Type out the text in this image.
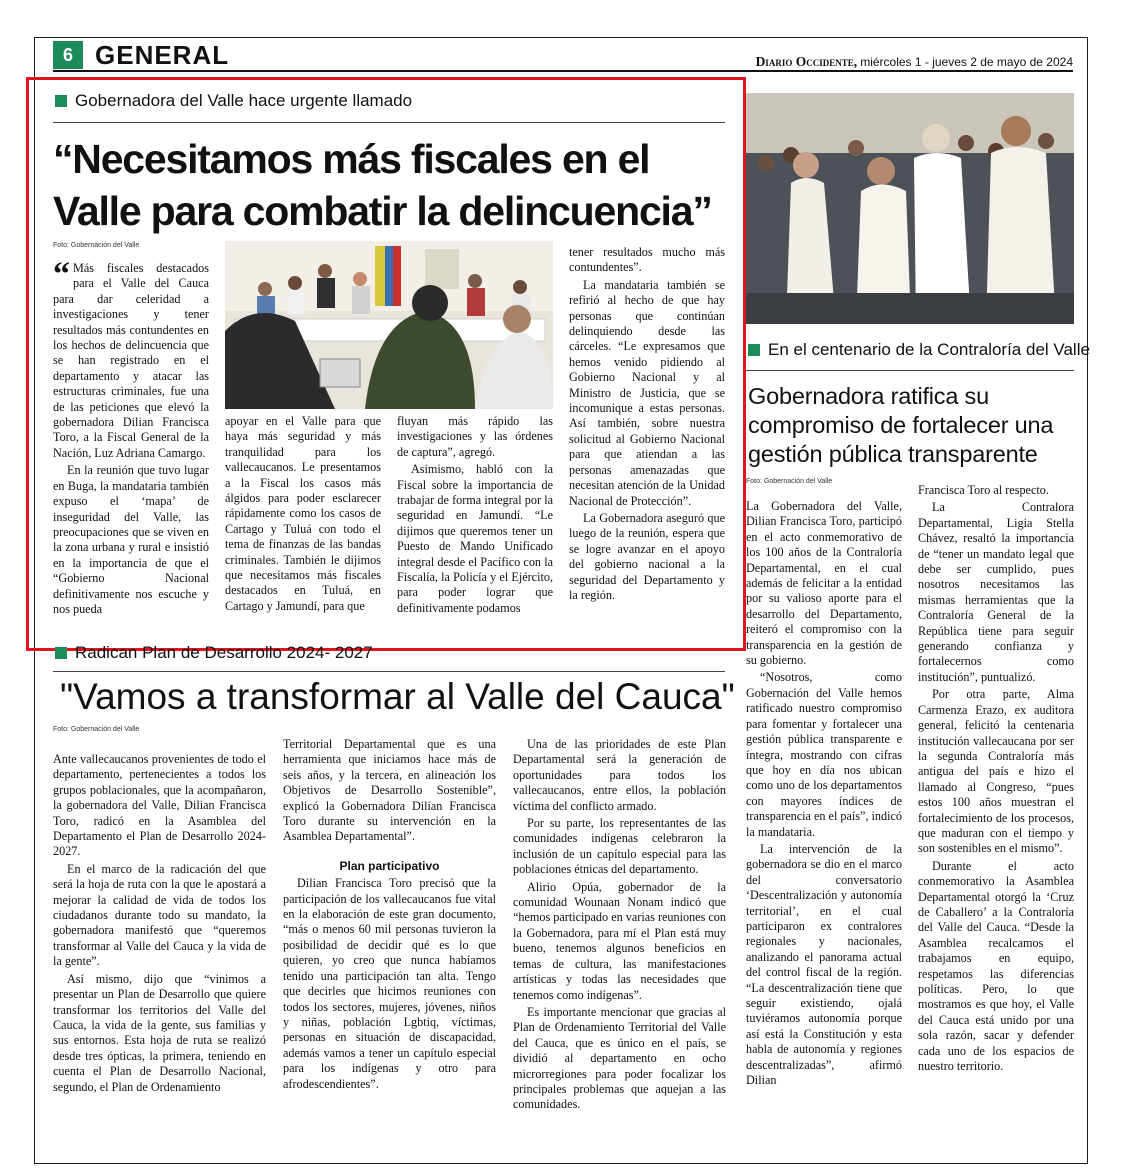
6 GENERAL	Diario Occidente, miércoles 1 - jueves 2 de mayo de 2024
Gobernadora del Valle hace urgente llamado
“Necesitamos más fiscales en el
Valle para combatir la delincuencia”
Foto: Gobernación del Valle

“ Más fiscales destacados para el Valle del Cauca para dar celeridad a investigaciones y tener resultados más contundentes en los hechos de delincuencia que se han registrado en el departamento y atacar las estructuras criminales, fue una de las peticiones que elevó la gobernadora Dilian Francisca Toro, a la Fiscal General de la Nación, Luz Adriana Camargo.

En la reunión que tuvo lugar en Buga, la mandataria también expuso el ‘mapa’ de inseguridad del Valle, las preocupaciones que se viven en la zona urbana y rural e insistió en la importancia de que el “Gobierno Nacional definitivamente nos escuche y nos pueda

apoyar en el Valle para que haya más seguridad y más tranquilidad para los vallecaucanos. Le presentamos a la Fiscal los casos más álgidos para poder esclarecer rápidamente como los casos de Cartago y Tuluá con todo el tema de finanzas de las bandas criminales. También le dijimos que necesitamos más fiscales destacados en Tuluá, en Cartago y Jamundí, para que

fluyan más rápido las investigaciones y las órdenes de captura”, agregó.

Asimismo, habló con la Fiscal sobre la importancia de trabajar de forma integral por la seguridad en Jamundí. “Le dijimos que queremos tener un Puesto de Mando Unificado integral desde el Pacífico con la Fiscalía, la Policía y el Ejército, para poder lograr que definitivamente podamos

tener resultados mucho más contundentes”.

La mandataria también se refirió al hecho de que hay personas que continúan delinquiendo desde las cárceles. “Le expresamos que hemos venido pidiendo al Gobierno Nacional y al Ministro de Justicia, que se incomunique a estas personas. Así también, sobre nuestra solicitud al Gobierno Nacional para que atiendan a las personas amenazadas que necesitan atención de la Unidad Nacional de Protección”.

La Gobernadora aseguró que luego de la reunión, espera que se logre avanzar en el apoyo del gobierno nacional a la seguridad del Departamento y la región.

Radican Plan de Desarrollo 2024- 2027
"Vamos a transformar al Valle del Cauca"
Foto: Gobernación del Valle

Ante vallecaucanos provenientes de todo el departamento, pertenecientes a todos los grupos poblacionales, que la acompañaron, la gobernadora del Valle, Dilian Francisca Toro, radicó en la Asamblea del Departamento el Plan de Desarrollo 2024- 2027.

En el marco de la radicación del que será la hoja de ruta con la que le apostará a mejorar la calidad de vida de todos los ciudadanos durante todo su mandato, la gobernadora manifestó que “queremos transformar al Valle del Cauca y la vida de la gente”.

Así mismo, dijo que “vinimos a presentar un Plan de Desarrollo que quiere transformar los territorios del Valle del Cauca, la vida de la gente, sus familias y sus entornos. Esta hoja de ruta se realizó desde tres ópticas, la primera, teniendo en cuenta el Plan de Desarrollo Nacional, segundo, el Plan de Ordenamiento

Territorial Departamental que es una herramienta que iniciamos hace más de seis años, y la tercera, en alineación los Objetivos de Desarrollo Sostenible”, explicó la Gobernadora Dilian Francisca Toro durante su intervención en la Asamblea Departamental”.

Plan participativo

Dilian Francisca Toro precisó que la participación de los vallecaucanos fue vital en la elaboración de este gran documento, “más o menos 60 mil personas tuvieron la posibilidad de decidir qué es lo que quieren, yo creo que nunca habíamos tenido una participación tan alta. Tengo que decirles que hicimos reuniones con todos los sectores, mujeres, jóvenes, niños y niñas, población Lgbtiq, víctimas, personas en situación de discapacidad, además vamos a tener un capítulo especial para los indígenas y otro para afrodescendientes”.

Una de las prioridades de este Plan Departamental será la generación de oportunidades para todos los vallecaucanos, entre ellos, la población víctima del conflicto armado.

Por su parte, los representantes de las comunidades indígenas celebraron la inclusión de un capítulo especial para las poblaciones étnicas del departamento.

Alirio Opúa, gobernador de la comunidad Wounaan Nonam indicó que “hemos participado en varias reuniones con la Gobernadora, para mí el Plan está muy bueno, tenemos algunos beneficios en temas de cultura, las manifestaciones artísticas y todas las necesidades que tenemos como indígenas”.

Es importante mencionar que gracias al Plan de Ordenamiento Territorial del Valle del Cauca, que es único en el país, se dividió al departamento en ocho microrregiones para poder focalizar los principales problemas que aquejan a las comunidades.

En el centenario de la Contraloría del Valle
Gobernadora ratifica su compromiso de fortalecer una gestión pública transparente
Foto: Gobernación del Valle

La Gobernadora del Valle, Dilian Francisca Toro, participó en el acto conmemorativo de los 100 años de la Contraloría Departamental, en el cual además de felicitar a la entidad por su valioso aporte para el desarrollo del Departamento, reiteró el compromiso con la transparencia en la gestión de su gobierno.

“Nosotros, como Gobernación del Valle hemos ratificado nuestro compromiso para fomentar y fortalecer una gestión pública transparente e íntegra, mostrando con cifras que hoy en día nos ubican como uno de los departamentos con mayores índices de transparencia en el país”, indicó la mandataria.

La intervención de la gobernadora se dio en el marco del conversatorio ‘Descentralización y autonomía territorial’, en el cual participaron ex contralores regionales y nacionales, analizando el panorama actual del control fiscal de la región. “La descentralización tiene que seguir existiendo, ojalá tuviéramos autonomía porque así está la Constitución y esta habla de autonomía y regiones descentralizadas”, afirmó Dilian

Francisca Toro al respecto.

La Contralora Departamental, Ligia Stella Chávez, resaltó la importancia de “tener un mandato legal que debe ser cumplido, pues nosotros necesitamos las mismas herramientas que la Contraloría General de la República tiene para seguir generando confianza y fortalecernos como institución”, puntualizó.

Por otra parte, Alma Carmenza Erazo, ex auditora general, felicitó la centenaria institución vallecaucana por ser la segunda Contraloría más antigua del país e hizo el llamado al Congreso, “pues estos 100 años muestran el fortalecimiento de los procesos, que maduran con el tiempo y son sostenibles en el mismo”.

Durante el acto conmemorativo la Asamblea Departamental otorgó la ‘Cruz de Caballero’ a la Contraloría del Valle del Cauca. “Desde la Asamblea recalcamos el trabajamos en equipo, respetamos las diferencias políticas. Pero, lo que mostramos es que hoy, el Valle del Cauca está unido por una sola razón, sacar y defender cada uno de los espacios de nuestro territorio.
